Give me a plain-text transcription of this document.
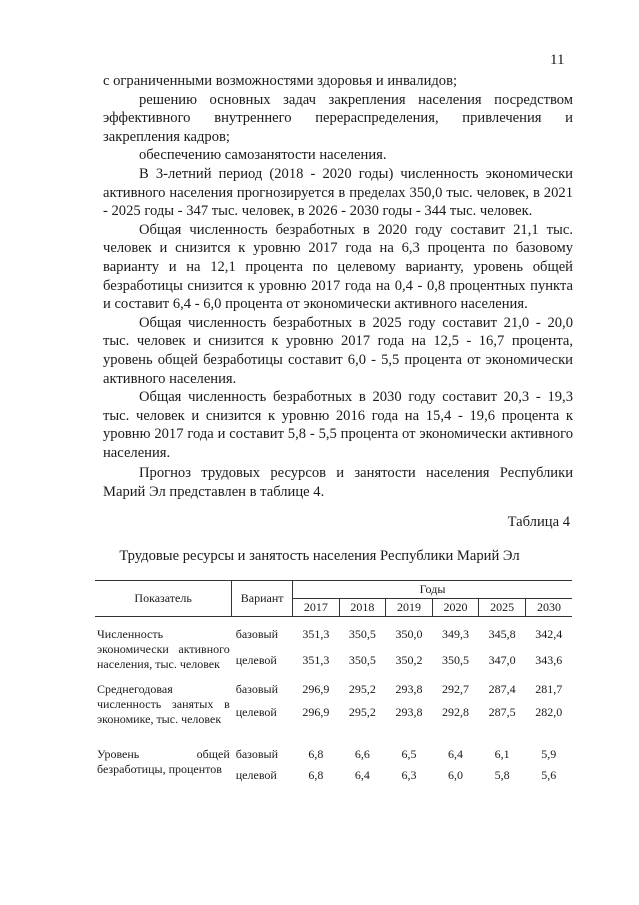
11

с ограниченными возможностями здоровья и инвалидов;

решению основных задач закрепления населения посредством эффективного внутреннего перераспределения, привлечения и закрепления кадров;

обеспечению самозанятости населения.

В 3-летний период (2018 - 2020 годы) численность экономически активного населения прогнозируется в пределах 350,0 тыс. человек, в 2021 - 2025 годы - 347 тыс. человек, в 2026 - 2030 годы - 344 тыс. человек.

Общая численность безработных в 2020 году составит 21,1 тыс. человек и снизится к уровню 2017 года на 6,3 процента по базовому варианту и на 12,1 процента по целевому варианту, уровень общей безработицы снизится к уровню 2017 года на 0,4 - 0,8 процентных пункта и составит 6,4 - 6,0 процента от экономически активного населения.

Общая численность безработных в 2025 году составит 21,0 - 20,0 тыс. человек и снизится к уровню 2017 года на 12,5 - 16,7 процента, уровень общей безработицы составит 6,0 - 5,5 процента от экономически активного населения.

Общая численность безработных в 2030 году составит 20,3 - 19,3 тыс. человек и снизится к уровню 2016 года на 15,4 - 19,6 процента к уровню 2017 года и составит 5,8 - 5,5 процента от экономически активного населения.

Прогноз трудовых ресурсов и занятости населения Республики Марий Эл представлен в таблице 4.

Таблица 4
Трудовые ресурсы и занятость населения Республики Марий Эл
Показатель	Вариант	Годы					
		2017	2018	2019	2020	2025	2030
Численность экономически активного населения, тыс. человек	базовый	351,3	350,5	350,0	349,3	345,8	342,4
	целевой	351,3	350,5	350,2	350,5	347,0	343,6

Среднегодовая численность занятых в экономике, тыс. человек	базовый	296,9	295,2	293,8	292,7	287,4	281,7
	целевой	296,9	295,2	293,8	292,8	287,5	282,0

Уровень общей безработицы, процентов	базовый	6,8	6,6	6,5	6,4	6,1	5,9
	целевой	6,8	6,4	6,3	6,0	5,8	5,6
